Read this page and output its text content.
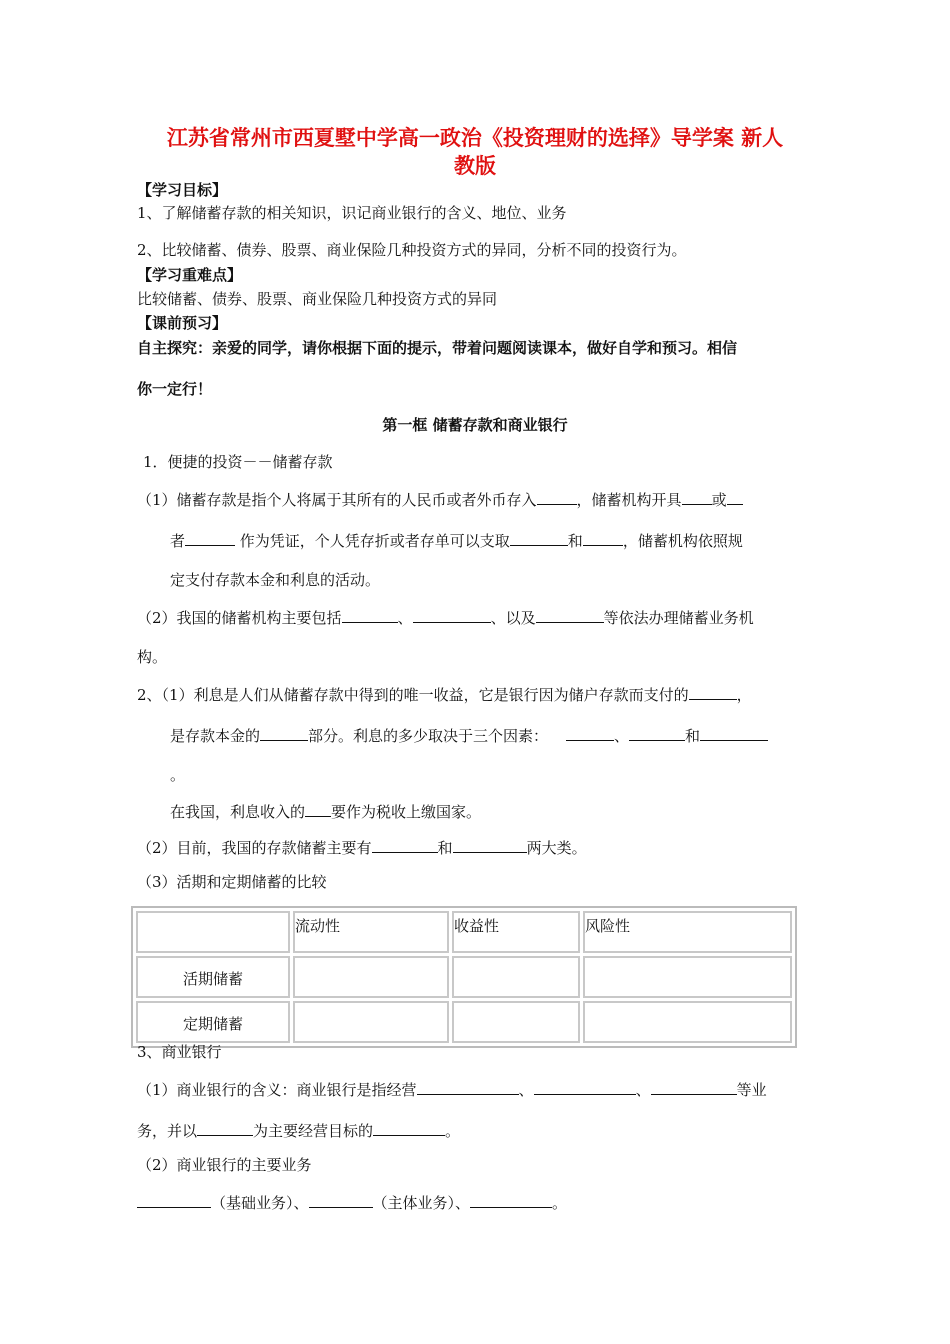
江苏省常州市西夏墅中学高一政治《投资理财的选择》导学案 新人
教版
【学习目标】
1、了解储蓄存款的相关知识，识记商业银行的含义、地位、业务
2、比较储蓄、债券、股票、商业保险几种投资方式的异同，分析不同的投资行为。
【学习重难点】
比较储蓄、债券、股票、商业保险几种投资方式的异同
【课前预习】
自主探究：亲爱的同学，请你根据下面的提示，带着问题阅读课本，做好自学和预习。相信
你一定行！
第一框 储蓄存款和商业银行
1．便捷的投资－－储蓄存款
（1）储蓄存款是指个人将属于其所有的人民币或者外币存入	，储蓄机构开具 或
者	作为凭证，个人凭存折或者存单可以支取	和	，储蓄机构依照规
定支付存款本金和利息的活动。
（2）我国的储蓄机构主要包括	、	、以及	等依法办理储蓄业务机
构。
2、（1）利息是人们从储蓄存款中得到的唯一收益，它是银行因为储户存款而支付的	，
是存款本金的	部分。利息的多少取决于三个因素：	、	和
。
在我国，利息收入的 要作为税收上缴国家。
（2）目前，我国的存款储蓄主要有	和	两大类。
（3）活期和定期储蓄的比较
	流动性	收益性	风险性
活期储蓄			
定期储蓄			
3、商业银行
（1）商业银行的含义：商业银行是指经营	、	、	等业
务，并以	为主要经营目标的	。
（2）商业银行的主要业务
（基础业务）、	（主体业务）、	。
